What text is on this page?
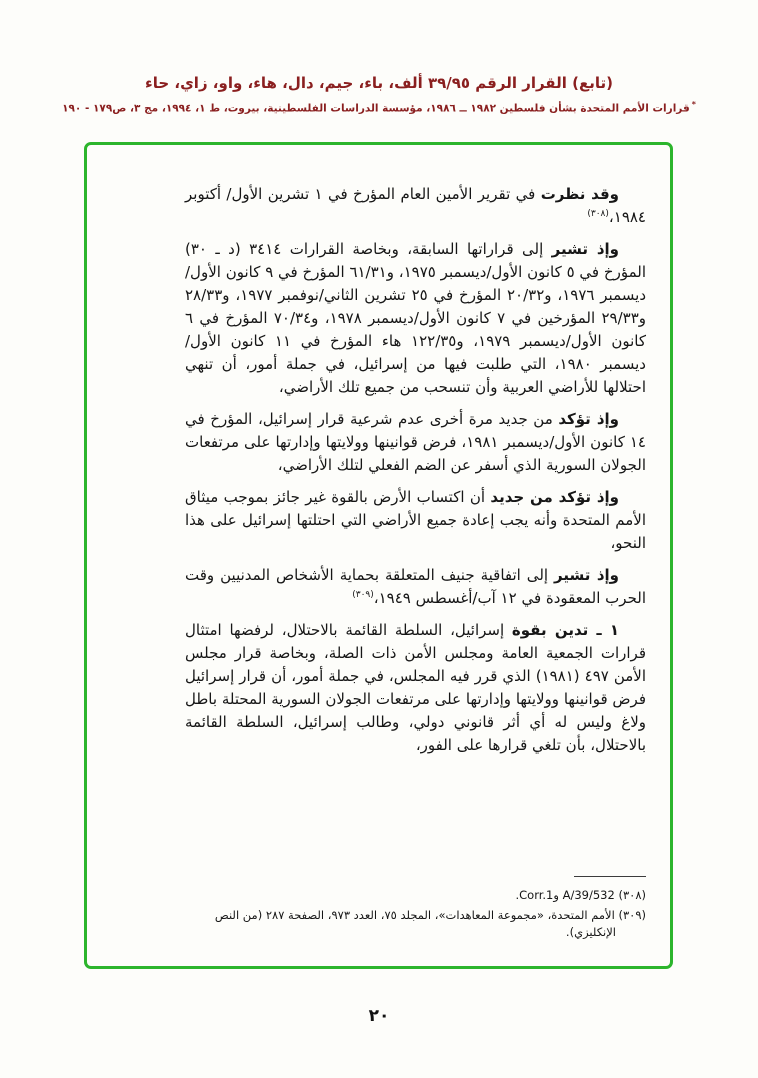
(تابع) القرار الرقم ٣٩/٩٥ ألف، باء، جيم، دال، هاء، واو، زاي، حاء
*قرارات الأمم المتحدة بشأن فلسطين ١٩٨٢ ــ ١٩٨٦، مؤسسة الدراسات الفلسطينية، بيروت، ط ١، ١٩٩٤، مج ٣، ص١٧٩ - ١٩٠

وقد نظرت في تقرير الأمين العام المؤرخ في ١ تشرين الأول/ أكتوبر ١٩٨٤،$^{(٣٠٨)}$

وإذ تشير إلى قراراتها السابقة، وبخاصة القرارات ٣٤١٤ (د ـ ٣٠) المؤرخ في ٥ كانون الأول/ديسمبر ١٩٧٥، و٦١/٣١ المؤرخ في ٩ كانون الأول/ديسمبر ١٩٧٦، و٢٠/٣٢ المؤرخ في ٢٥ تشرين الثاني/نوفمبر ١٩٧٧، و٢٨/٣٣ و٢٩/٣٣ المؤرخين في ٧ كانون الأول/ديسمبر ١٩٧٨، و٧٠/٣٤ المؤرخ في ٦ كانون الأول/ديسمبر ١٩٧٩، و١٢٢/٣٥ هاء المؤرخ في ١١ كانون الأول/ديسمبر ١٩٨٠، التي طلبت فيها من إسرائيل، في جملة أمور، أن تنهي احتلالها للأراضي العربية وأن تنسحب من جميع تلك الأراضي،

وإذ تؤكد من جديد مرة أخرى عدم شرعية قرار إسرائيل، المؤرخ في ١٤ كانون الأول/ديسمبر ١٩٨١، فرض قوانينها وولايتها وإدارتها على مرتفعات الجولان السورية الذي أسفر عن الضم الفعلي لتلك الأراضي،

وإذ تؤكد من جديد أن اكتساب الأرض بالقوة غير جائز بموجب ميثاق الأمم المتحدة وأنه يجب إعادة جميع الأراضي التي احتلتها إسرائيل على هذا النحو،

وإذ تشير إلى اتفاقية جنيف المتعلقة بحماية الأشخاص المدنيين وقت الحرب المعقودة في ١٢ آب/أغسطس ١٩٤٩،$^{(٣٠٩)}$

١ ـ تدين بقوة إسرائيل، السلطة القائمة بالاحتلال، لرفضها امتثال قرارات الجمعية العامة ومجلس الأمن ذات الصلة، وبخاصة قرار مجلس الأمن ٤٩٧ (١٩٨١) الذي قرر فيه المجلس، في جملة أمور، أن قرار إسرائيل فرض قوانينها وولايتها وإدارتها على مرتفعات الجولان السورية المحتلة باطل ولاغ وليس له أي أثر قانوني دولي، وطالب إسرائيل، السلطة القائمة بالاحتلال، بأن تلغي قرارها على الفور،

(٣٠٨) A/39/532 وCorr.1.

(٣٠٩) الأمم المتحدة، «مجموعة المعاهدات»، المجلد ٧٥، العدد ٩٧٣، الصفحة ٢٨٧ (من النص الإنكليزي).

٢٠
